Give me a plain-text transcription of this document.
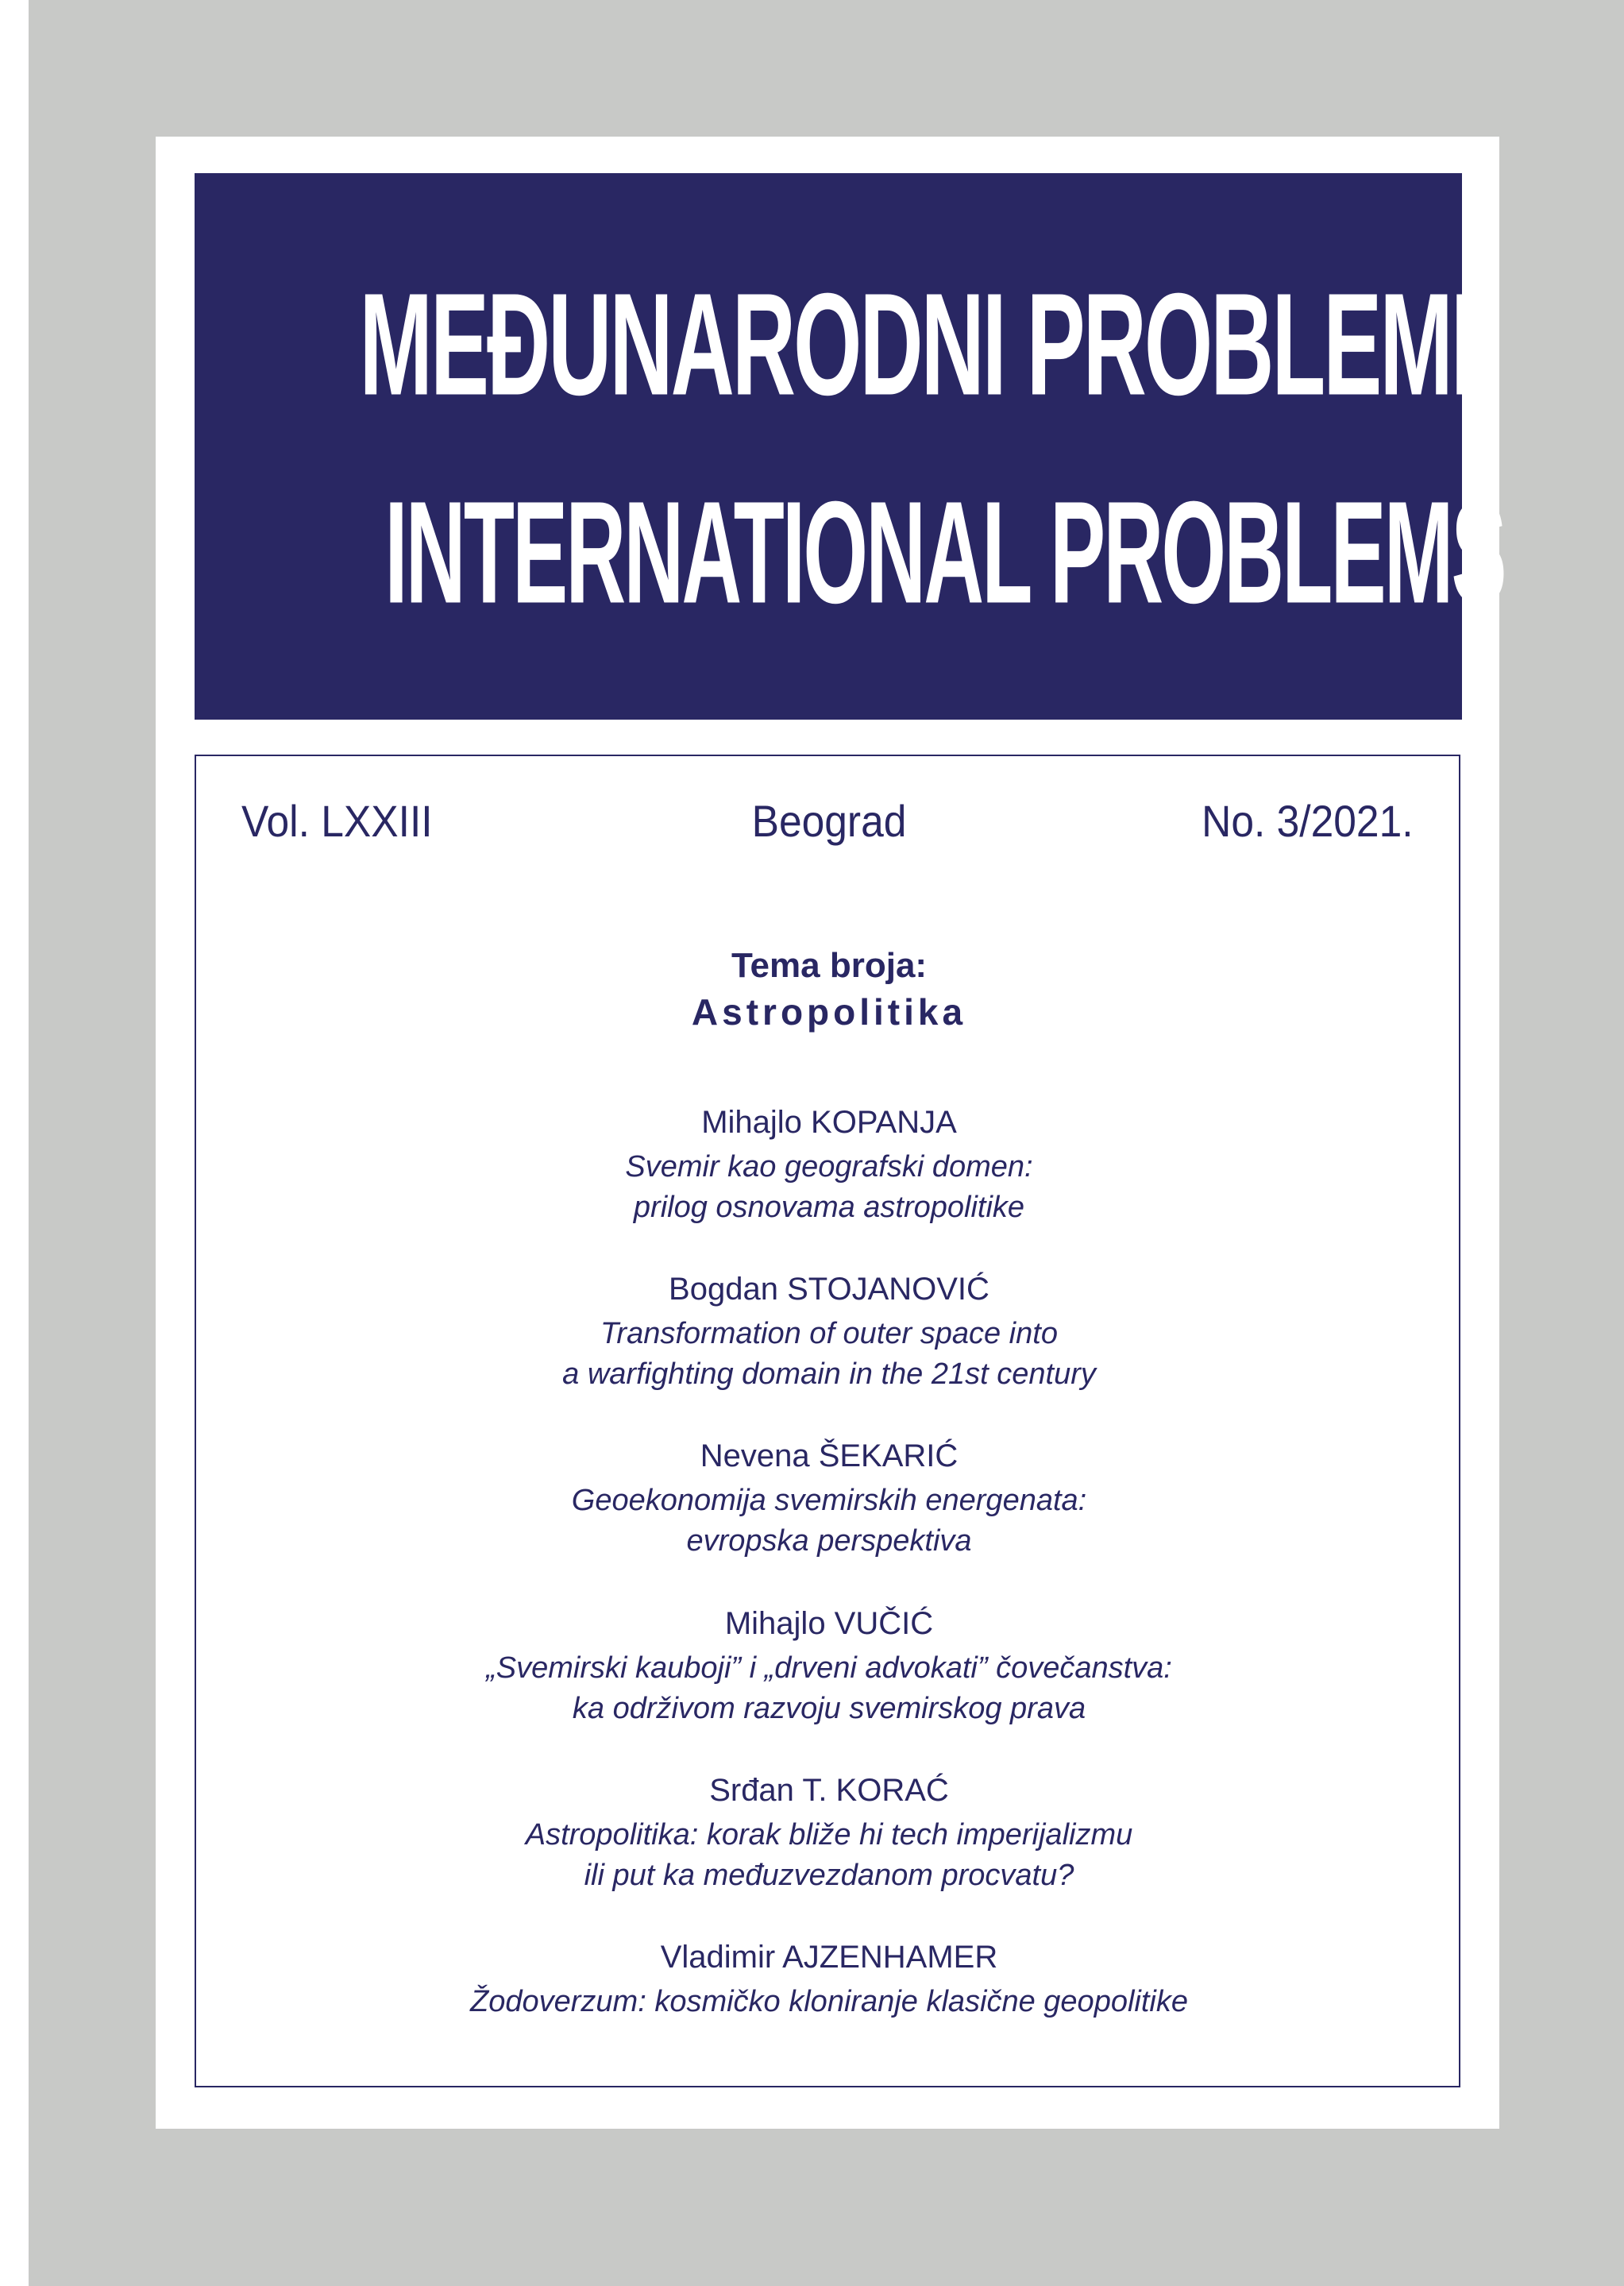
MEĐUNARODNI PROBLEMI
INTERNATIONAL PROBLEMS
Vol. LXXIII	Beograd	No. 3/2021.
Tema broja:
Astropolitika
Mihajlo KOPANJA
Svemir kao geografski domen:
prilog osnovama astropolitike
Bogdan STOJANOVIĆ
Transformation of outer space into
a warfighting domain in the 21st century
Nevena ŠEKARIĆ
Geoekonomija svemirskih energenata:
evropska perspektiva
Mihajlo VUČIĆ
„Svemirski kauboji” i „drveni advokati” čovečanstva:
ka održivom razvoju svemirskog prava
Srđan T. KORAĆ
Astropolitika: korak bliže hi tech imperijalizmu
ili put ka međuzvezdanom procvatu?
Vladimir AJZENHAMER
Žodoverzum: kosmičko kloniranje klasične geopolitike
